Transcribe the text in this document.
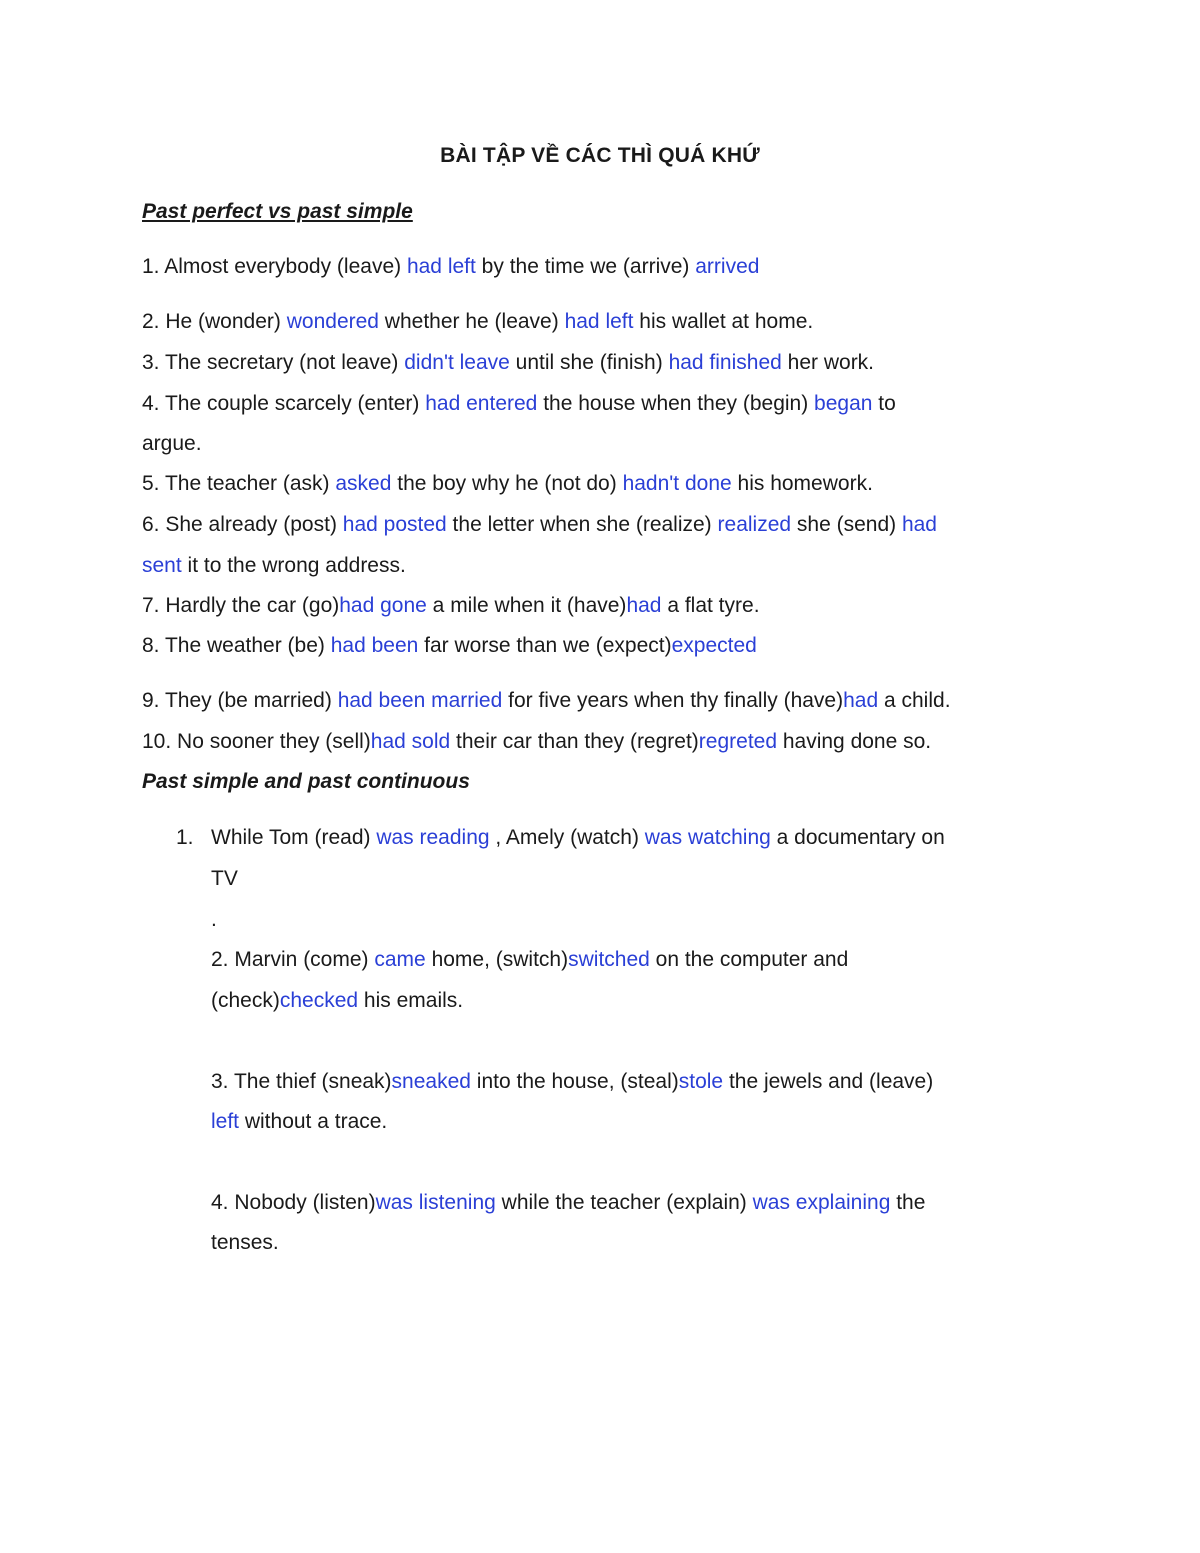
BÀI TẬP VỀ CÁC THÌ QUÁ KHỨ
Past perfect vs past simple
1. Almost everybody (leave) had left by the time we (arrive) arrived
2. He (wonder) wondered whether he (leave) had left his wallet at home.
3. The secretary (not leave) didn't leave until she (finish) had finished her work.
4. The couple scarcely (enter) had entered the house when they (begin) began to
argue.
5. The teacher (ask) asked the boy why he (not do) hadn't done his homework.
6. She already (post) had posted the letter when she (realize) realized she (send) had
sent it to the wrong address.
7. Hardly the car (go)had gone a mile when it (have)had a flat tyre.
8. The weather (be) had been far worse than we (expect)expected
9. They (be married) had been married for five years when thy finally (have)had a child.
10. No sooner they (sell)had sold their car than they (regret)regreted having done so.
Past simple and past continuous
1. While Tom (read) was reading , Amely (watch) was watching a documentary on
TV
.
2. Marvin (come) came home, (switch)switched on the computer and
(check)checked his emails.
3. The thief (sneak)sneaked into the house, (steal)stole the jewels and (leave)
left without a trace.
4. Nobody (listen)was listening while the teacher (explain) was explaining the
tenses.
